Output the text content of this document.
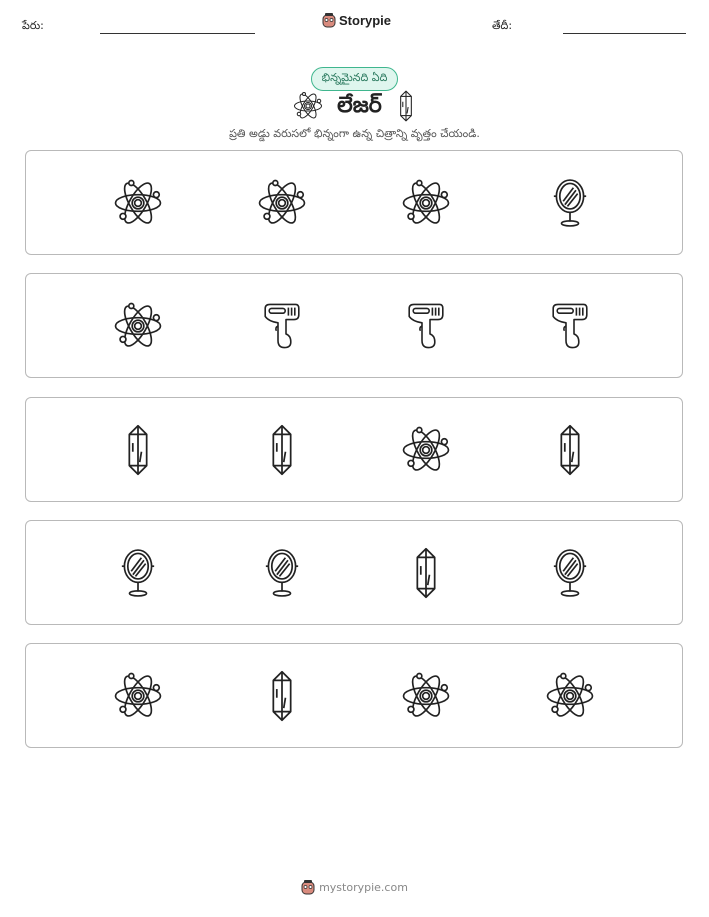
పేరు:	Storypie	తేదీ:
భిన్నమైనది ఏది
లేజర్
ప్రతి అడ్డు వరుసలో భిన్నంగా ఉన్న చిత్రాన్ని వృత్తం చేయండి.
mystorypie.com
